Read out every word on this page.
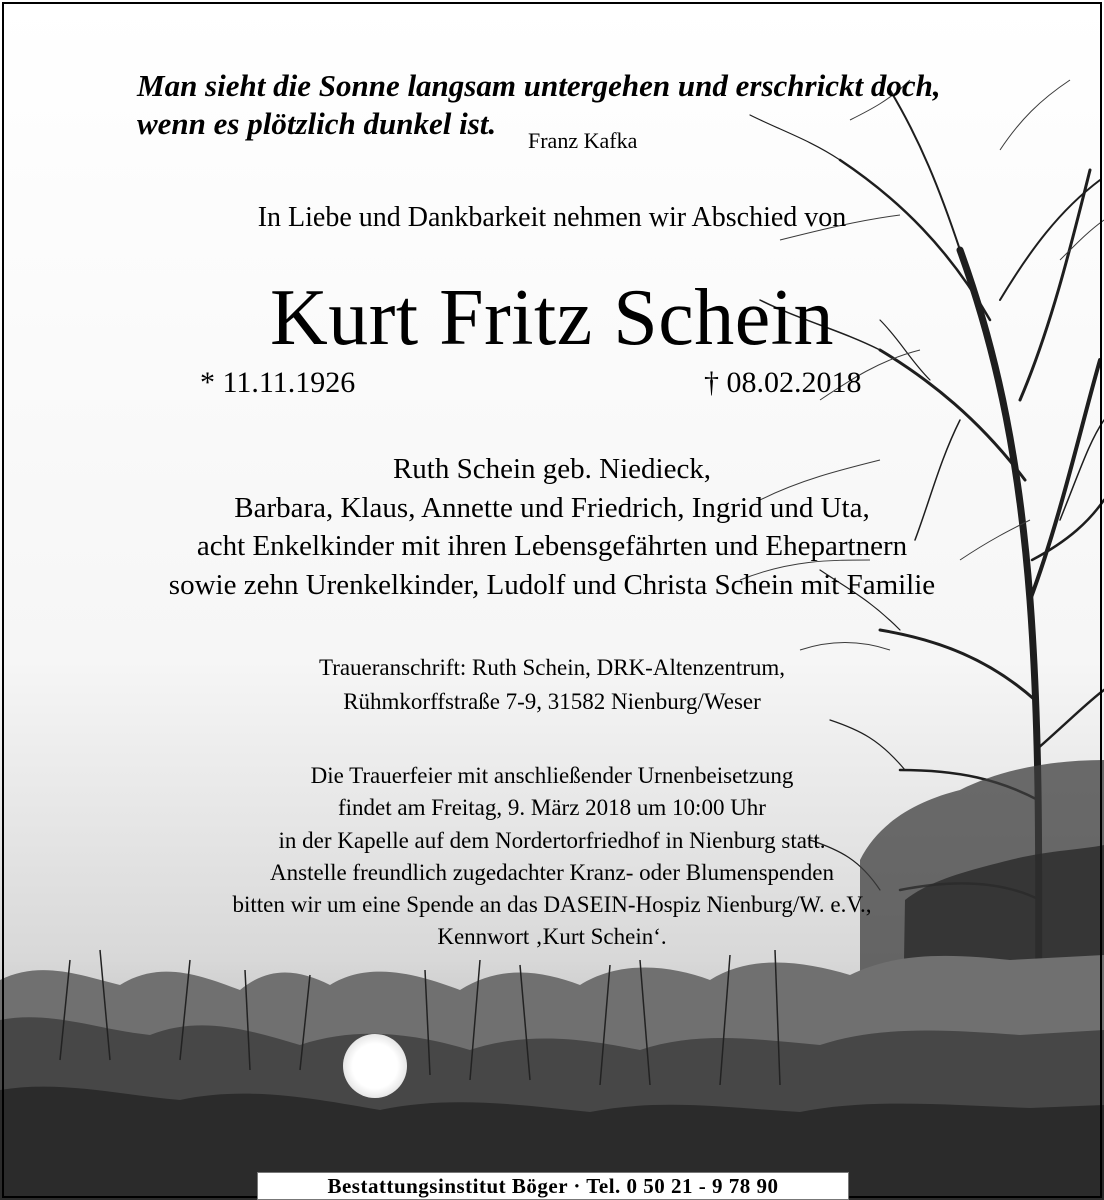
Man sieht die Sonne langsam untergehen und erschrickt doch,
wenn es plötzlich dunkel ist. Franz Kafka
In Liebe und Dankbarkeit nehmen wir Abschied von
Kurt Fritz Schein
* 11.11.1926	† 08.02.2018
Ruth Schein geb. Niedieck,
Barbara, Klaus, Annette und Friedrich, Ingrid und Uta,
acht Enkelkinder mit ihren Lebensgefährten und Ehepartnern
sowie zehn Urenkelkinder, Ludolf und Christa Schein mit Familie
Traueranschrift: Ruth Schein, DRK-Altenzentrum,
Rühmkorffstraße 7-9, 31582 Nienburg/Weser
Die Trauerfeier mit anschließender Urnenbeisetzung
findet am Freitag, 9. März 2018 um 10:00 Uhr
in der Kapelle auf dem Nordertorfriedhof in Nienburg statt.
Anstelle freundlich zugedachter Kranz- oder Blumenspenden
bitten wir um eine Spende an das DASEIN-Hospiz Nienburg/W. e.V.,
Kennwort ‚Kurt Schein‘.
Bestattungsinstitut Böger · Tel. 0 50 21 - 9 78 90
